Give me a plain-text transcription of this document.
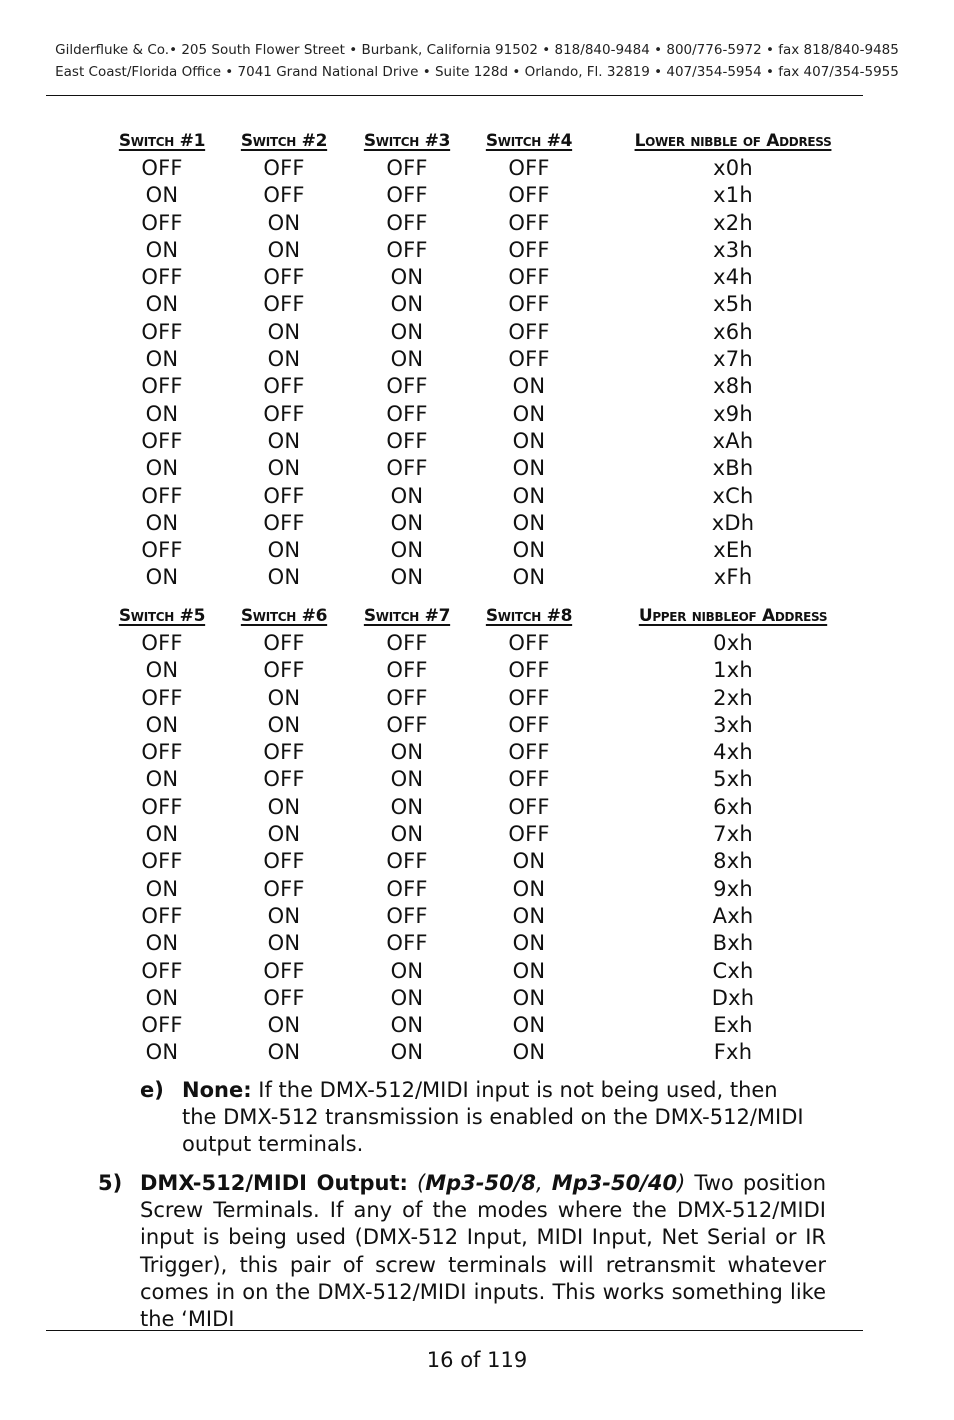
Gilderfluke & Co.• 205 South Flower Street • Burbank, California 91502 • 818/840-9484 • 800/776-5972 • fax 818/840-9485
East Coast/Florida Office • 7041 Grand National Drive • Suite 128d • Orlando, Fl. 32819 • 407/354-5954 • fax 407/354-5955
Switch #1	Switch #2	Switch #3	Switch #4	Lower nibble of Address
OFF	OFF	OFF	OFF	x0h
ON	OFF	OFF	OFF	x1h
OFF	ON	OFF	OFF	x2h
ON	ON	OFF	OFF	x3h
OFF	OFF	ON	OFF	x4h
ON	OFF	ON	OFF	x5h
OFF	ON	ON	OFF	x6h
ON	ON	ON	OFF	x7h
OFF	OFF	OFF	ON	x8h
ON	OFF	OFF	ON	x9h
OFF	ON	OFF	ON	xAh
ON	ON	OFF	ON	xBh
OFF	OFF	ON	ON	xCh
ON	OFF	ON	ON	xDh
OFF	ON	ON	ON	xEh
ON	ON	ON	ON	xFh
Switch #5	Switch #6	Switch #7	Switch #8	Upper nibbleof Address
OFF	OFF	OFF	OFF	0xh
ON	OFF	OFF	OFF	1xh
OFF	ON	OFF	OFF	2xh
ON	ON	OFF	OFF	3xh
OFF	OFF	ON	OFF	4xh
ON	OFF	ON	OFF	5xh
OFF	ON	ON	OFF	6xh
ON	ON	ON	OFF	7xh
OFF	OFF	OFF	ON	8xh
ON	OFF	OFF	ON	9xh
OFF	ON	OFF	ON	Axh
ON	ON	OFF	ON	Bxh
OFF	OFF	ON	ON	Cxh
ON	OFF	ON	ON	Dxh
OFF	ON	ON	ON	Exh
ON	ON	ON	ON	Fxh
e) None: If the DMX-512/MIDI input is not being used, then the DMX-512 transmission is enabled on the DMX-512/MIDI output terminals.
5) DMX-512/MIDI Output: (Mp3-50/8, Mp3-50/40) Two position Screw Terminals. If any of the modes where the DMX-512/MIDI input is being used (DMX-512 Input, MIDI Input, Net Serial or IR Trigger), this pair of screw terminals will retransmit whatever comes in on the DMX-512/MIDI inputs. This works something like the ‘MIDI
16 of 119
